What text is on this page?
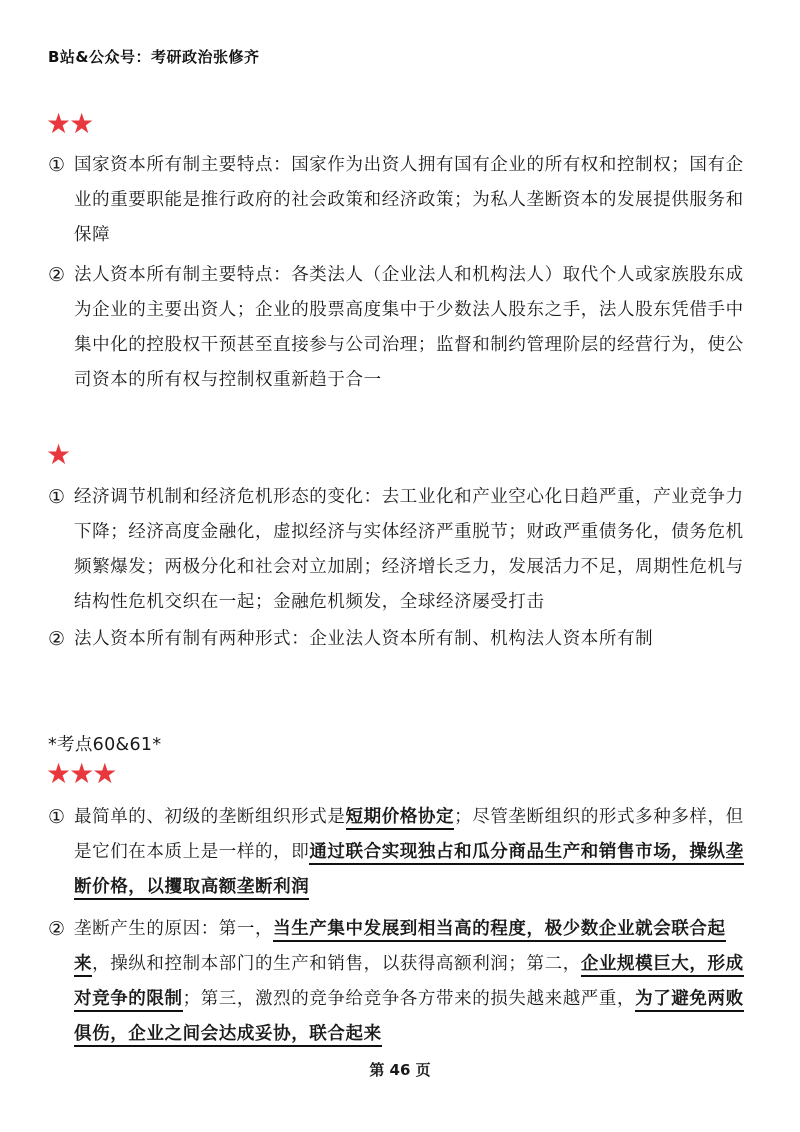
B站&公众号：考研政治张修齐
★★
① 国家资本所有制主要特点：国家作为出资人拥有国有企业的所有权和控制权；国有企业的重要职能是推行政府的社会政策和经济政策；为私人垄断资本的发展提供服务和保障
② 法人资本所有制主要特点：各类法人（企业法人和机构法人）取代个人或家族股东成为企业的主要出资人；企业的股票高度集中于少数法人股东之手，法人股东凭借手中集中化的控股权干预甚至直接参与公司治理；监督和制约管理阶层的经营行为，使公司资本的所有权与控制权重新趋于合一
★
① 经济调节机制和经济危机形态的变化：去工业化和产业空心化日趋严重，产业竞争力下降；经济高度金融化，虚拟经济与实体经济严重脱节；财政严重债务化，债务危机频繁爆发；两极分化和社会对立加剧；经济增长乏力，发展活力不足，周期性危机与结构性危机交织在一起；金融危机频发，全球经济屡受打击
② 法人资本所有制有两种形式：企业法人资本所有制、机构法人资本所有制
*考点60&61*
★★★
① 最简单的、初级的垄断组织形式是短期价格协定；尽管垄断组织的形式多种多样，但是它们在本质上是一样的，即通过联合实现独占和瓜分商品生产和销售市场，操纵垄断价格，以攫取高额垄断利润
② 垄断产生的原因：第一，当生产集中发展到相当高的程度，极少数企业就会联合起来，操纵和控制本部门的生产和销售，以获得高额利润；第二，企业规模巨大，形成对竞争的限制；第三，激烈的竞争给竞争各方带来的损失越来越严重，为了避免两败俱伤，企业之间会达成妥协，联合起来
第 46 页
